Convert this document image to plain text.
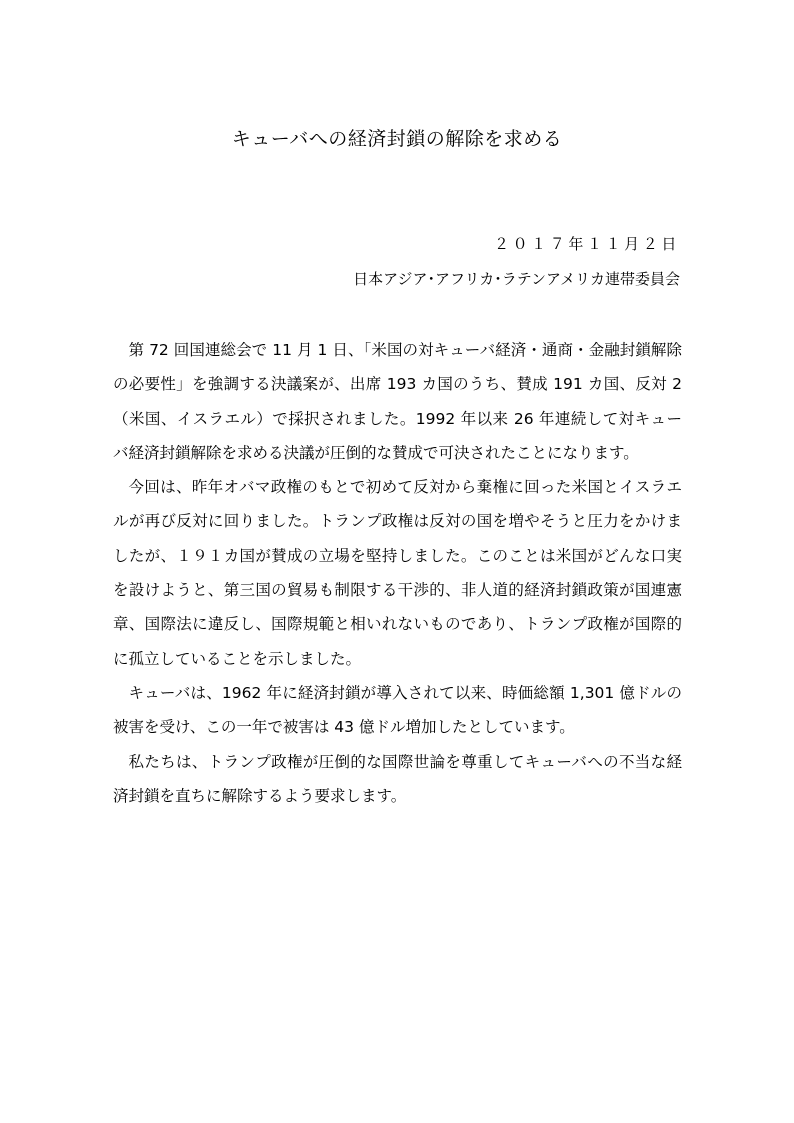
キューバへの経済封鎖の解除を求める
２０１７年１１月２日
日本アジア･アフリカ･ラテンアメリカ連帯委員会

第 72 回国連総会で 11 月 1 日、「米国の対キューバ経済・通商・金融封鎖解除の必要性」を強調する決議案が、出席 193 カ国のうち、賛成 191 カ国、反対 2（米国、イスラエル）で採択されました。1992 年以来 26 年連続して対キューバ経済封鎖解除を求める決議が圧倒的な賛成で可決されたことになります。

今回は、昨年オバマ政権のもとで初めて反対から棄権に回った米国とイスラエルが再び反対に回りました。トランプ政権は反対の国を増やそうと圧力をかけましたが、１９１カ国が賛成の立場を堅持しました。このことは米国がどんな口実を設けようと、第三国の貿易も制限する干渉的、非人道的経済封鎖政策が国連憲章、国際法に違反し、国際規範と相いれないものであり、トランプ政権が国際的に孤立していることを示しました。

キューバは、1962 年に経済封鎖が導入されて以来、時価総額 1,301 億ドルの被害を受け、この一年で被害は 43 億ドル増加したとしています。

私たちは、トランプ政権が圧倒的な国際世論を尊重してキューバへの不当な経済封鎖を直ちに解除するよう要求します。
